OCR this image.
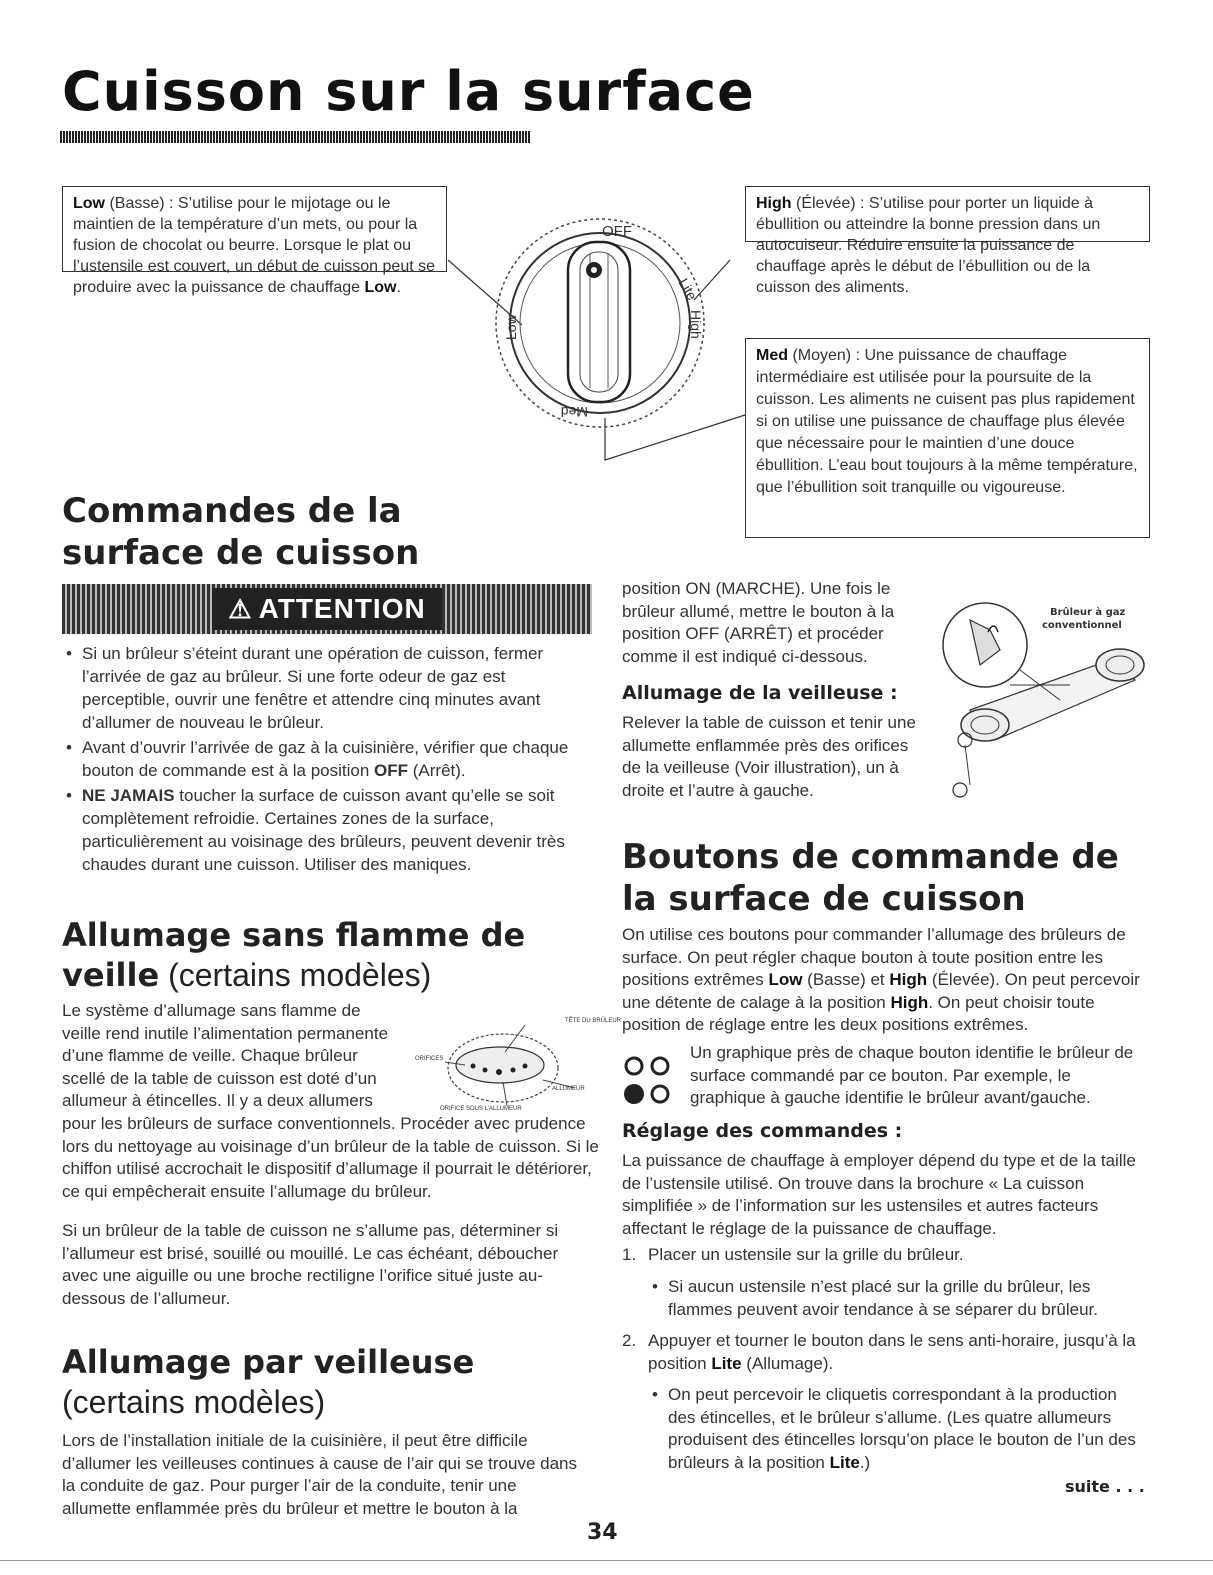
Cuisson sur la surface
Low (Basse) : S’utilise pour le mijotage ou le maintien de la température d’un mets, ou pour la fusion de chocolat ou beurre. Lorsque le plat ou l’ustensile est couvert, un début de cuisson peut se produire avec la puissance de chauffage Low.
High (Élevée) : S’utilise pour porter un liquide à ébullition ou atteindre la bonne pression dans un autocuiseur. Réduire ensuite la puissance de chauffage après le début de l’ébullition ou de la cuisson des aliments.
Med (Moyen) : Une puissance de chauffage intermédiaire est utilisée pour la poursuite de la cuisson. Les aliments ne cuisent pas plus rapidement si on utilise une puissance de chauffage plus élevée que nécessaire pour le maintien d’une douce ébullition. L’eau bout toujours à la même température, que l’ébullition soit tranquille ou vigoureuse.
OFF
Lite
High
Low
Med
Commandes de la
surface de cuisson
⚠ ATTENTION
• Si un brûleur s’éteint durant une opération de cuisson, fermer l’arrivée de gaz au brûleur. Si une forte odeur de gaz est perceptible, ouvrir une fenêtre et attendre cinq minutes avant d’allumer de nouveau le brûleur.
• Avant d’ouvrir l’arrivée de gaz à la cuisinière, vérifier que chaque bouton de commande est à la position OFF (Arrêt).
• NE JAMAIS toucher la surface de cuisson avant qu’elle se soit complètement refroidie. Certaines zones de la surface, particulièrement au voisinage des brûleurs, peuvent devenir très chaudes durant une cuisson. Utiliser des maniques.
Allumage sans flamme de veille (certains modèles)
Le système d’allumage sans flamme de veille rend inutile l’alimentation permanente d’une flamme de veille. Chaque brûleur scellé de la table de cuisson est doté d’un allumeur à étincelles. Il y a deux allumers pour les brûleurs de surface conventionnels. Procéder avec prudence lors du nettoyage au voisinage d’un brûleur de la table de cuisson. Si le chiffon utilisé accrochait le dispositif d’allumage il pourrait le détériorer, ce qui empêcherait ensuite l’allumage du brûleur.
Si un brûleur de la table de cuisson ne s’allume pas, déterminer si l’allumeur est brisé, souillé ou mouillé. Le cas échéant, déboucher avec une aiguille ou une broche rectiligne l’orifice situé juste au-dessous de l’allumeur.
TÊTE DU BRÛLEUR
ORIFICES
ALLUMEUR
ORIFICE SOUS L’ALLUMEUR
Allumage par veilleuse (certains modèles)
Lors de l’installation initiale de la cuisinière, il peut être difficile d’allumer les veilleuses continues à cause de l’air qui se trouve dans la conduite de gaz. Pour purger l’air de la conduite, tenir une allumette enflammée près du brûleur et mettre le bouton à la
position ON (MARCHE). Une fois le brûleur allumé, mettre le bouton à la position OFF (ARRÊT) et procéder comme il est indiqué ci-dessous.
Allumage de la veilleuse :
Relever la table de cuisson et tenir une allumette enflammée près des orifices de la veilleuse (Voir illustration), un à droite et l’autre à gauche.
Brûleur à gaz
conventionnel
Boutons de commande de la surface de cuisson
On utilise ces boutons pour commander l’allumage des brûleurs de surface. On peut régler chaque bouton à toute position entre les positions extrêmes Low (Basse) et High (Élevée). On peut percevoir une détente de calage à la position High. On peut choisir toute position de réglage entre les deux positions extrêmes.
Un graphique près de chaque bouton identifie le brûleur de surface commandé par ce bouton. Par exemple, le graphique à gauche identifie le brûleur avant/gauche.
Réglage des commandes :
La puissance de chauffage à employer dépend du type et de la taille de l’ustensile utilisé. On trouve dans la brochure « La cuisson simplifiée » de l’information sur les ustensiles et autres facteurs affectant le réglage de la puissance de chauffage.
1. Placer un ustensile sur la grille du brûleur.
• Si aucun ustensile n’est placé sur la grille du brûleur, les flammes peuvent avoir tendance à se séparer du brûleur.
2. Appuyer et tourner le bouton dans le sens anti-horaire, jusqu’à la position Lite (Allumage).
• On peut percevoir le cliquetis correspondant à la production des étincelles, et le brûleur s’allume. (Les quatre allumeurs produisent des étincelles lorsqu’on place le bouton de l’un des brûleurs à la position Lite.)
suite . . .
34
